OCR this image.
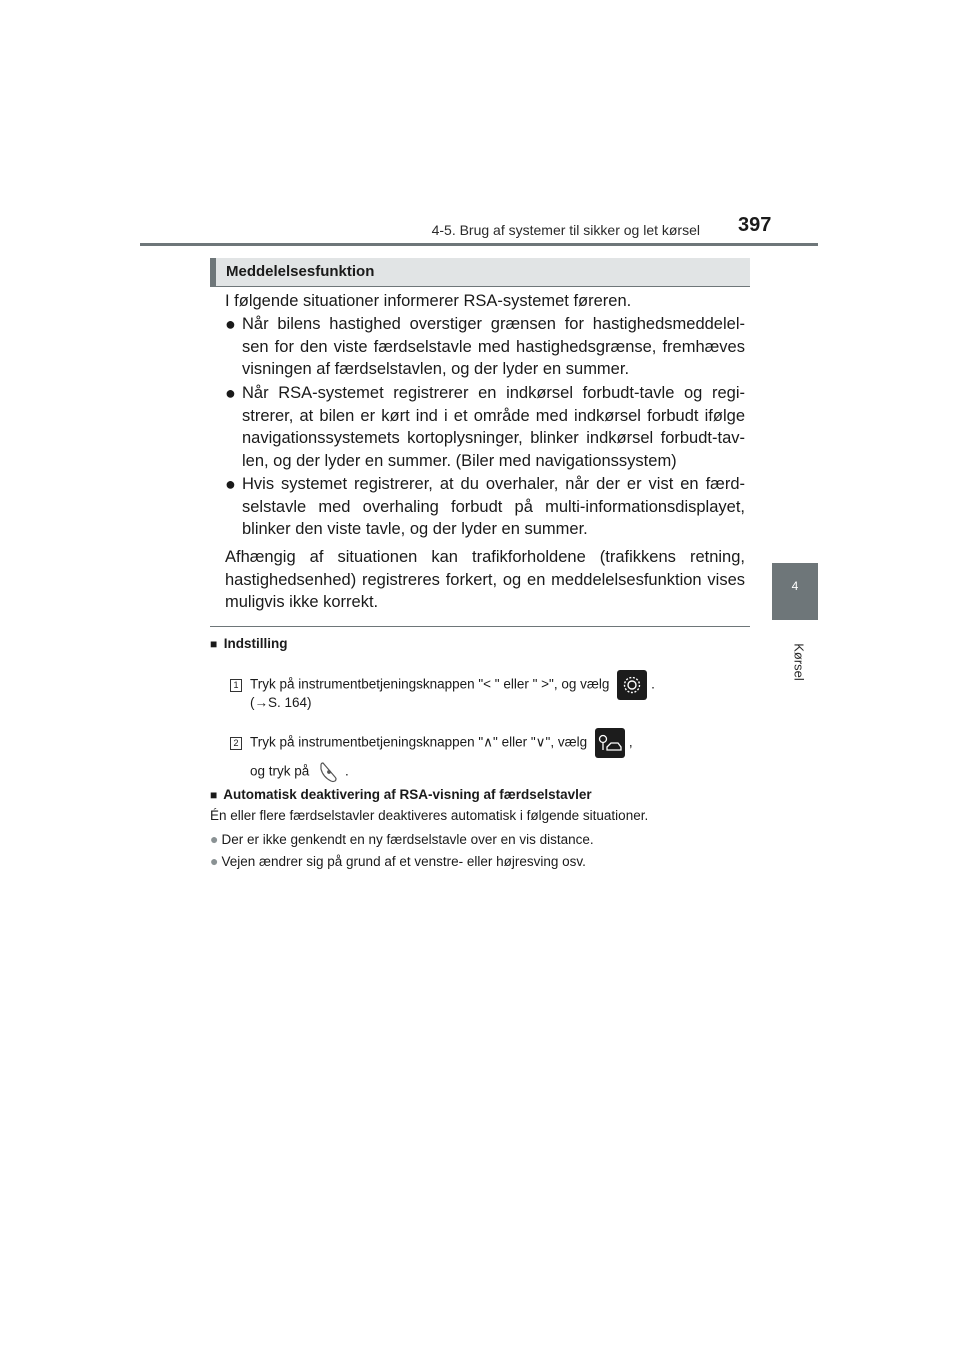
4-5. Brug af systemer til sikker og let kørsel 397
4
Kørsel
Meddelelsesfunktion
I følgende situationer informerer RSA-systemet føreren.
● Når bilens hastighed overstiger grænsen for hastighedsmeddelel-sen for den viste færdselstavle med hastighedsgrænse, fremhæves visningen af færdselstavlen, og der lyder en summer.
● Når RSA-systemet registrerer en indkørsel forbudt-tavle og regi-strerer, at bilen er kørt ind i et område med indkørsel forbudt ifølge navigationssystemets kortoplysninger, blinker indkørsel forbudt-tav-len, og der lyder en summer. (Biler med navigationssystem)
● Hvis systemet registrerer, at du overhaler, når der er vist en færd-selstavle med overhaling forbudt på multi-informationsdisplayet, blinker den viste tavle, og der lyder en summer.
Afhængig af situationen kan trafikforholdene (trafikkens retning, hastighedsenhed) registreres forkert, og en meddelelsesfunktion vises muligvis ikke korrekt.
■ Indstilling
1 Tryk på instrumentbetjeningsknappen "< " eller " >", og vælg	.
(→S. 164)
2 Tryk på instrumentbetjeningsknappen "∧" eller "∨", vælg	,
og tryk på	.
■ Automatisk deaktivering af RSA-visning af færdselstavler
Én eller flere færdselstavler deaktiveres automatisk i følgende situationer.
● Der er ikke genkendt en ny færdselstavle over en vis distance.
● Vejen ændrer sig på grund af et venstre- eller højresving osv.
